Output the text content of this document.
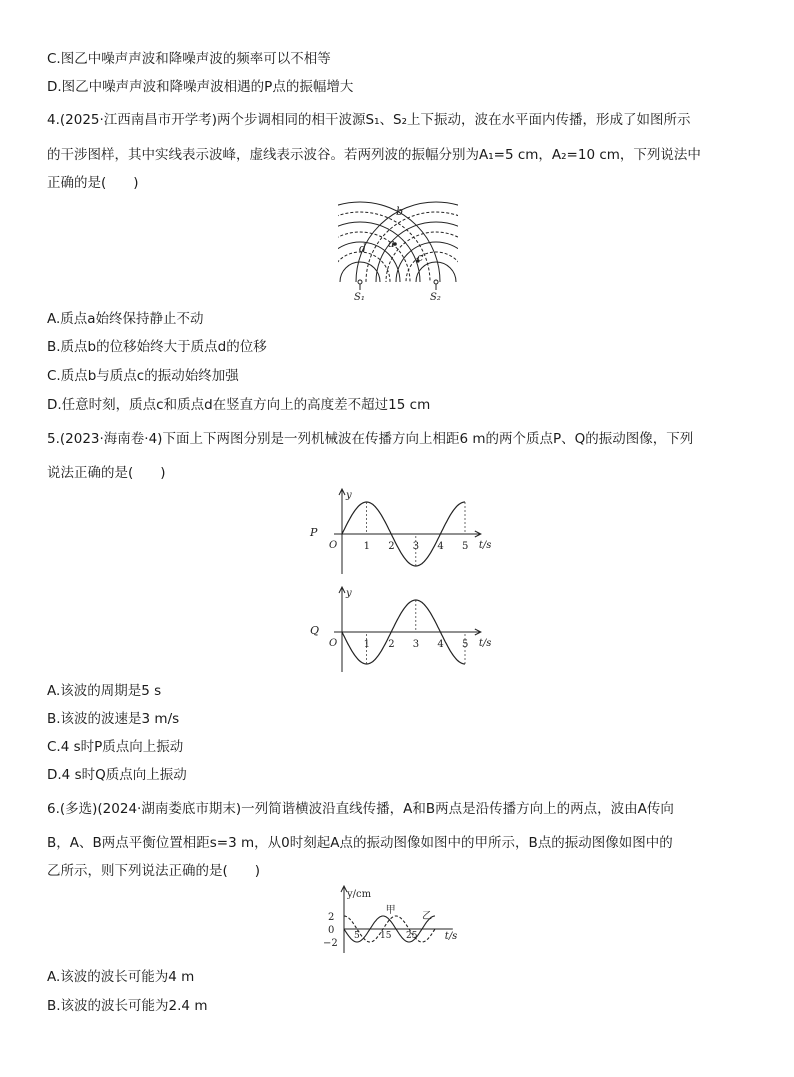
C.图乙中噪声声波和降噪声波的频率可以不相等
D.图乙中噪声声波和降噪声波相遇的P点的振幅增大
4.(2025·江西南昌市开学考)两个步调相同的相干波源S₁、S₂上下振动，波在水平面内传播，形成了如图所示
的干涉图样，其中实线表示波峰，虚线表示波谷。若两列波的振幅分别为A₁=5 cm，A₂=10 cm，下列说法中
正确的是(　　)
b
a
d
c
S₁	S₂
A.质点a始终保持静止不动
B.质点b的位移始终大于质点d的位移
C.质点b与质点c的振动始终加强
D.任意时刻，质点c和质点d在竖直方向上的高度差不超过15 cm
5.(2023·海南卷·4)下面上下两图分别是一列机械波在传播方向上相距6 m的两个质点P、Q的振动图像，下列
说法正确的是(　　)
y
t/s
O
P
1 2 3 4 5
y
t/s
O
Q
1 2 3 4 5
A.该波的周期是5 s
B.该波的波速是3 m/s
C.4 s时P质点向上振动
D.4 s时Q质点向上振动
6.(多选)(2024·湖南娄底市期末)一列简谐横波沿直线传播，A和B两点是沿传播方向上的两点，波由A传向
B，A、B两点平衡位置相距s=3 m，从0时刻起A点的振动图像如图中的甲所示，B点的振动图像如图中的
乙所示，则下列说法正确的是(　　)
y/cm
t/s
2
0
−2
甲
乙
5 15 25
A.该波的波长可能为4 m
B.该波的波长可能为2.4 m
